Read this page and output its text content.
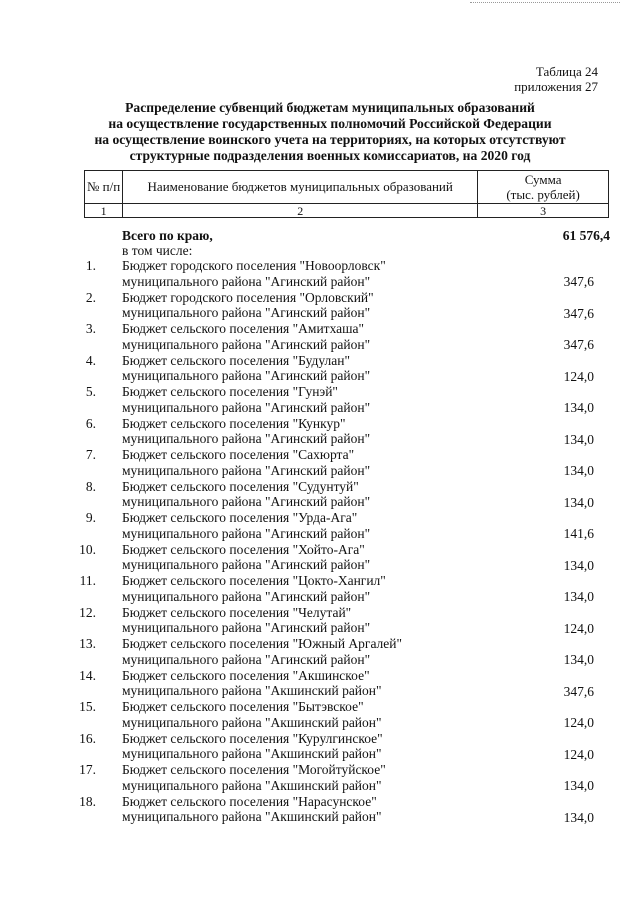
Таблица 24
приложения 27
Распределение субвенций бюджетам муниципальных образований
на осуществление государственных полномочий Российской Федерации
на осуществление воинского учета на территориях, на которых отсутствуют
структурные подразделения военных комиссариатов, на 2020 год
№ п/п	Наименование бюджетов муниципальных образований	Сумма
(тыс. рублей)

1	2	3
Всего по краю,	61 576,4
в том числе:
1. Бюджет городского поселения "Новоорловск"
муниципального района "Агинский район"	347,6
2. Бюджет городского поселения "Орловский"
муниципального района "Агинский район"	347,6
3. Бюджет сельского поселения "Амитхаша"
муниципального района "Агинский район"	347,6
4. Бюджет сельского поселения "Будулан"
муниципального района "Агинский район"	124,0
5. Бюджет сельского поселения "Гунэй"
муниципального района "Агинский район"	134,0
6. Бюджет сельского поселения "Кункур"
муниципального района "Агинский район"	134,0
7. Бюджет сельского поселения "Сахюрта"
муниципального района "Агинский район"	134,0
8. Бюджет сельского поселения "Судунтуй"
муниципального района "Агинский район"	134,0
9. Бюджет сельского поселения "Урда-Ага"
муниципального района "Агинский район"	141,6
10. Бюджет сельского поселения "Хойто-Ага"
муниципального района "Агинский район"	134,0
11. Бюджет сельского поселения "Цокто-Хангил"
муниципального района "Агинский район"	134,0
12. Бюджет сельского поселения "Челутай"
муниципального района "Агинский район"	124,0
13. Бюджет сельского поселения "Южный Аргалей"
муниципального района "Агинский район"	134,0
14. Бюджет сельского поселения "Акшинское"
муниципального района "Акшинский район"	347,6
15. Бюджет сельского поселения "Бытэвское"
муниципального района "Акшинский район"	124,0
16. Бюджет сельского поселения "Курулгинское"
муниципального района "Акшинский район"	124,0
17. Бюджет сельского поселения "Могойтуйское"
муниципального района "Акшинский район"	134,0
18. Бюджет сельского поселения "Нарасунское"
муниципального района "Акшинский район"	134,0
